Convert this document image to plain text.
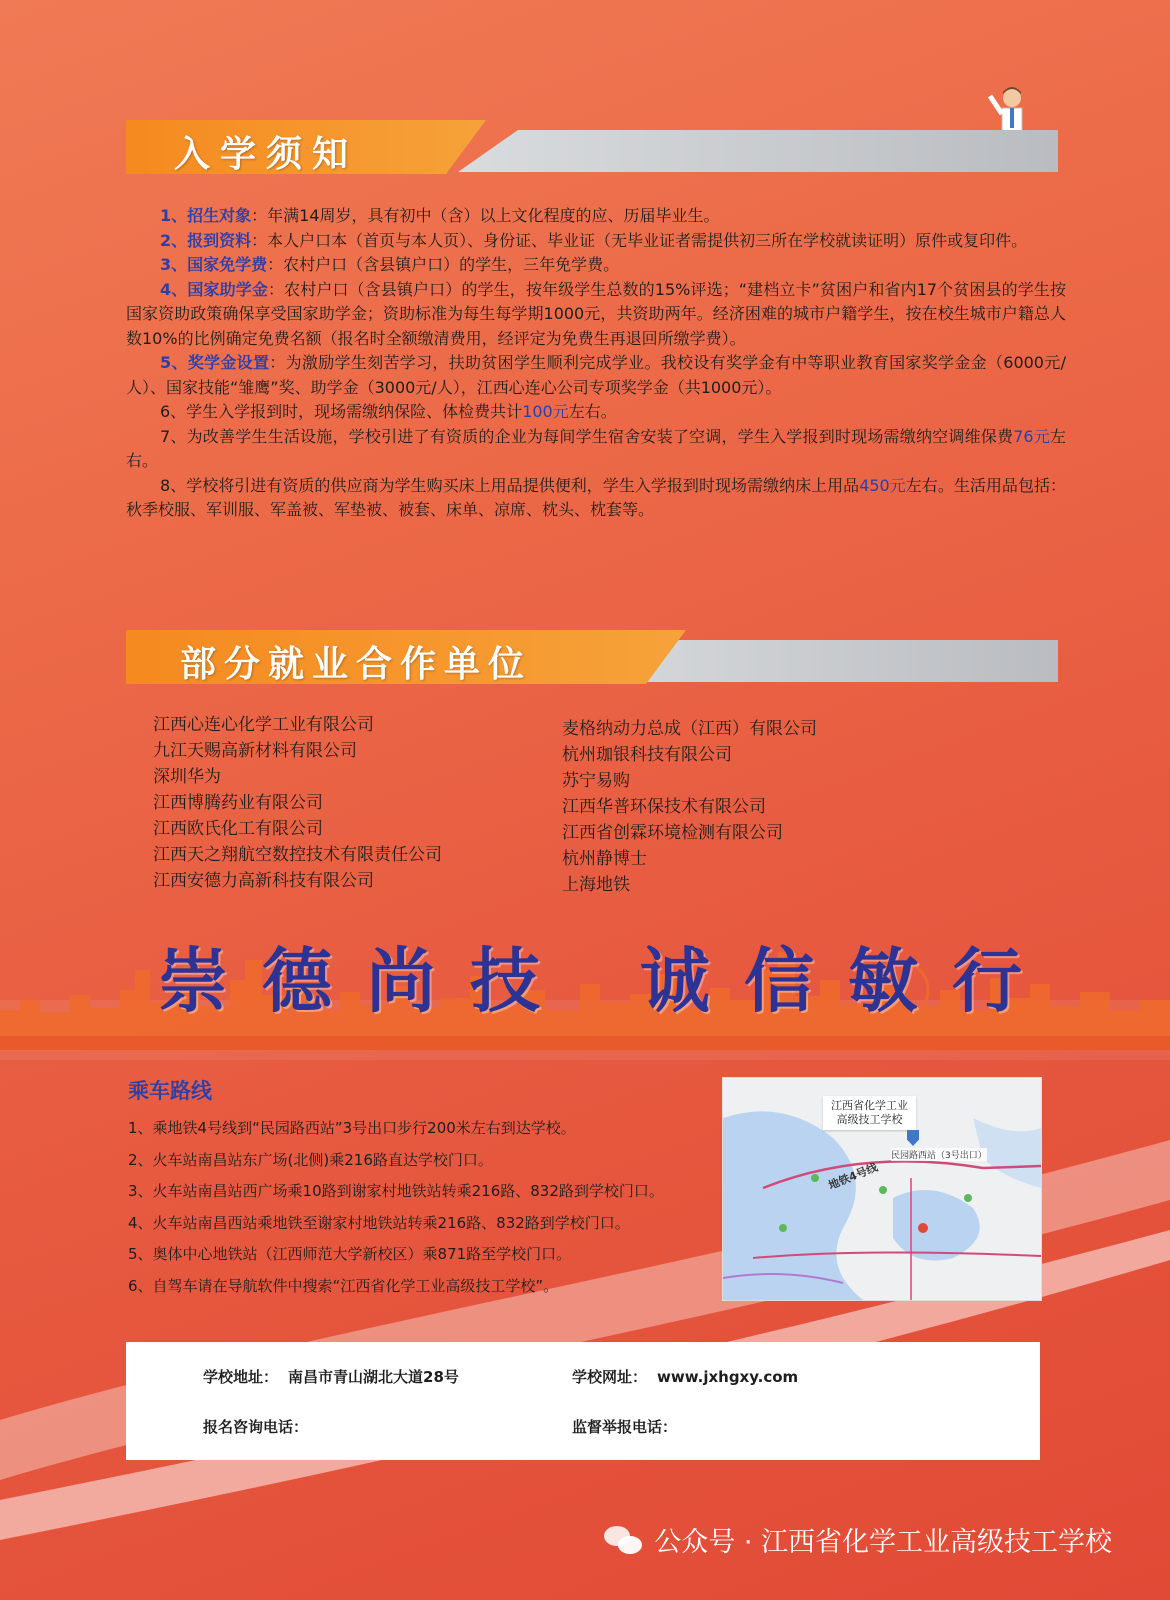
入学须知

1、招生对象：年满14周岁，具有初中（含）以上文化程度的应、历届毕业生。

2、报到资料：本人户口本（首页与本人页）、身份证、毕业证（无毕业证者需提供初三所在学校就读证明）原件或复印件。

3、国家免学费：农村户口（含县镇户口）的学生，三年免学费。

4、国家助学金：农村户口（含县镇户口）的学生，按年级学生总数的15%评选；“建档立卡”贫困户和省内17个贫困县的学生按国家资助政策确保享受国家助学金；资助标准为每生每学期1000元，共资助两年。经济困难的城市户籍学生，按在校生城市户籍总人数10%的比例确定免费名额（报名时全额缴清费用，经评定为免费生再退回所缴学费）。

5、奖学金设置：为激励学生刻苦学习，扶助贫困学生顺利完成学业。我校设有奖学金有中等职业教育国家奖学金金（6000元/人）、国家技能“雏鹰”奖、助学金（3000元/人），江西心连心公司专项奖学金（共1000元）。

6、学生入学报到时，现场需缴纳保险、体检费共计100元左右。

7、为改善学生生活设施，学校引进了有资质的企业为每间学生宿舍安装了空调，学生入学报到时现场需缴纳空调维保费76元左右。

8、学校将引进有资质的供应商为学生购买床上用品提供便利，学生入学报到时现场需缴纳床上用品450元左右。生活用品包括：秋季校服、军训服、军盖被、军垫被、被套、床单、凉席、枕头、枕套等。

部分就业合作单位
江西心连心化学工业有限公司
九江天赐高新材料有限公司
深圳华为
江西博腾药业有限公司
江西欧氏化工有限公司
江西天之翔航空数控技术有限责任公司
江西安德力高新科技有限公司
麦格纳动力总成（江西）有限公司
杭州珈银科技有限公司
苏宁易购
江西华普环保技术有限公司
江西省创霖环境检测有限公司
杭州静博士
上海地铁
崇德尚技 诚信敏行
乘车路线
1、乘地铁4号线到“民园路西站”3号出口步行200米左右到达学校。
2、火车站南昌站东广场(北侧)乘216路直达学校门口。
3、火车站南昌站西广场乘10路到谢家村地铁站转乘216路、832路到学校门口。
4、火车站南昌西站乘地铁至谢家村地铁站转乘216路、832路到学校门口。
5、奥体中心地铁站（江西师范大学新校区）乘871路至学校门口。
6、自驾车请在导航软件中搜索“江西省化学工业高级技工学校”。
江西省化学工业
高级技工学校
民园路西站（3号出口）
地铁4号线
学校地址： 南昌市青山湖北大道28号	学校网址： www.jxhgxy.com
报名咨询电话：	监督举报电话：
公众号 · 江西省化学工业高级技工学校
